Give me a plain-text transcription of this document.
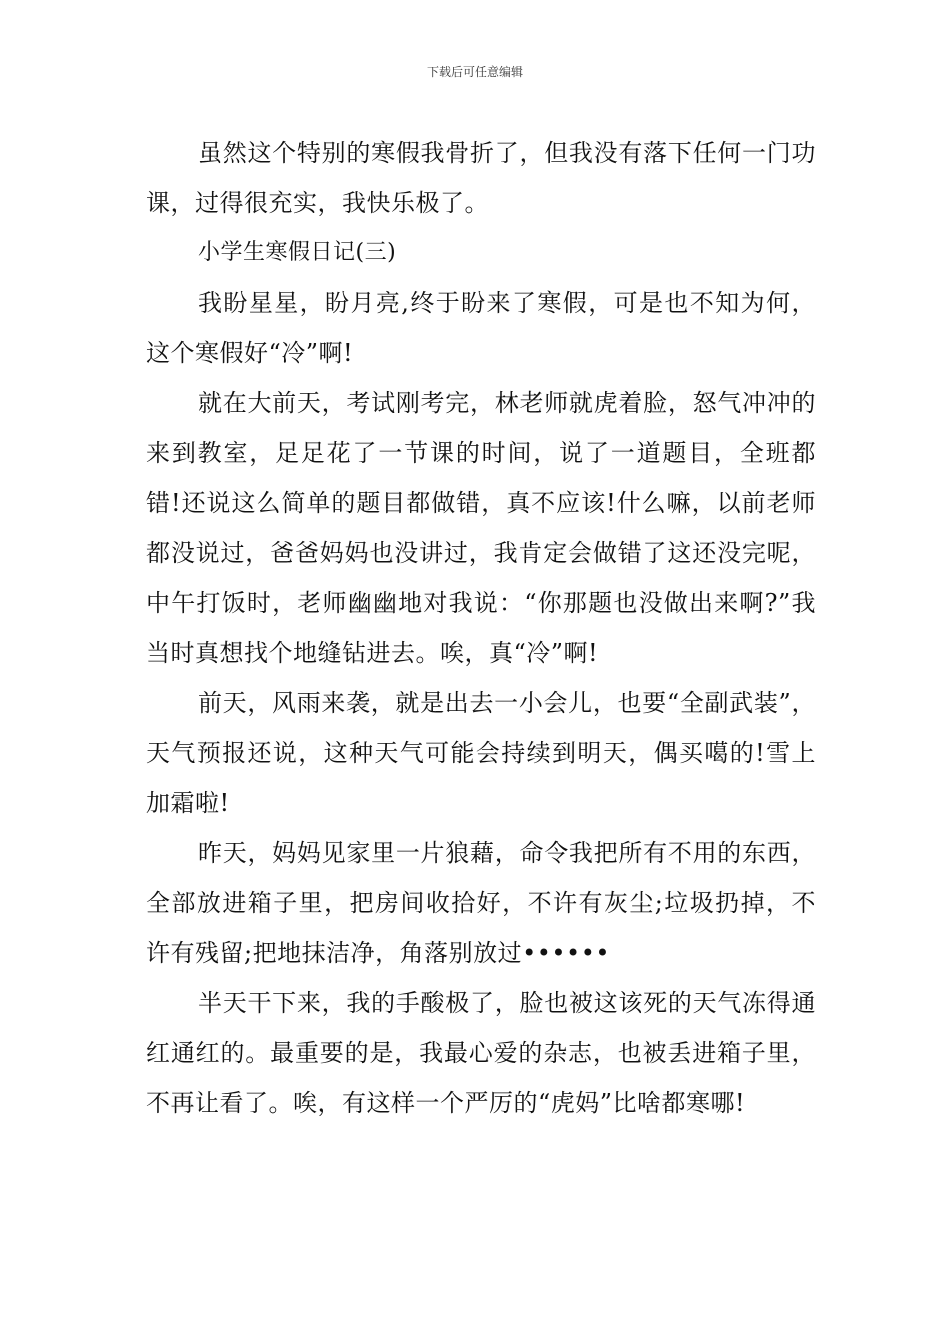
下载后可任意编辑

虽然这个特别的寒假我骨折了，但我没有落下任何一门功课，过得很充实，我快乐极了。

小学生寒假日记(三)

我盼星星，盼月亮,终于盼来了寒假，可是也不知为何，这个寒假好“冷”啊!

就在大前天，考试刚考完，林老师就虎着脸，怒气冲冲的来到教室，足足花了一节课的时间，说了一道题目，全班都错!还说这么简单的题目都做错，真不应该!什么嘛，以前老师都没说过，爸爸妈妈也没讲过，我肯定会做错了这还没完呢，中午打饭时，老师幽幽地对我说：“你那题也没做出来啊?”我当时真想找个地缝钻进去。唉，真“冷”啊!

前天，风雨来袭，就是出去一小会儿，也要“全副武装”，天气预报还说，这种天气可能会持续到明天，偶买噶的!雪上加霜啦!

昨天，妈妈见家里一片狼藉，命令我把所有不用的东西，全部放进箱子里，把房间收拾好，不许有灰尘;垃圾扔掉，不许有残留;把地抹洁净，角落别放过••••••

半天干下来，我的手酸极了，脸也被这该死的天气冻得通红通红的。最重要的是，我最心爱的杂志，也被丢进箱子里，不再让看了。唉，有这样一个严厉的“虎妈”比啥都寒哪!
